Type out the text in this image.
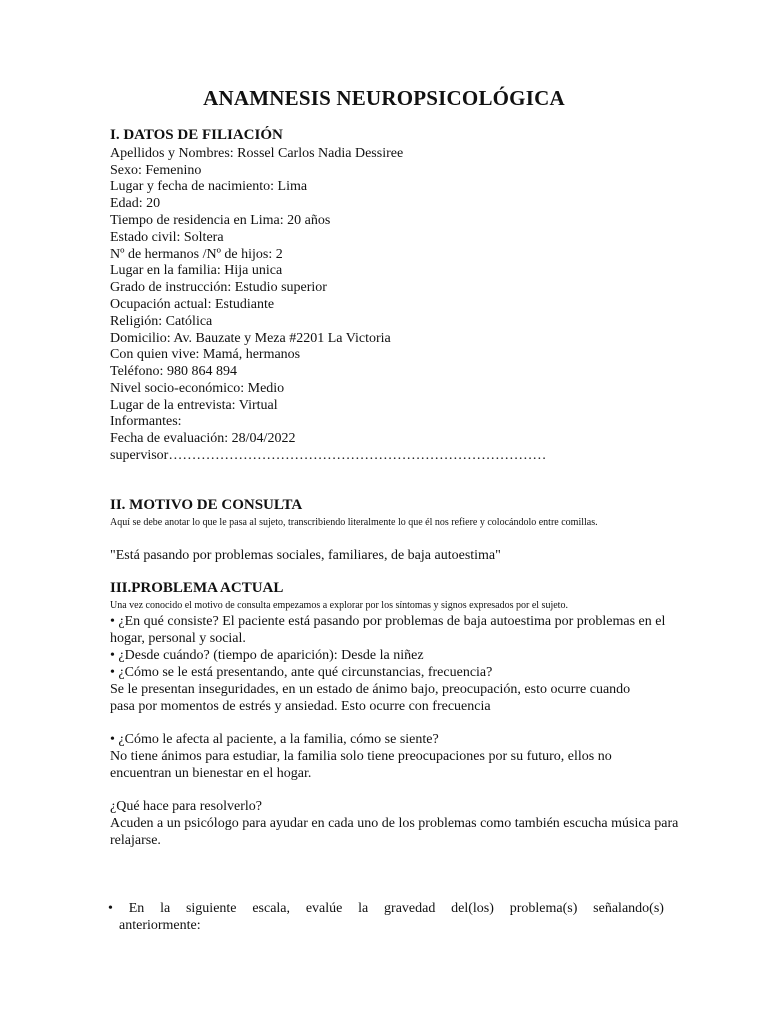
ANAMNESIS NEUROPSICOLÓGICA
I. DATOS DE FILIACIÓN
Apellidos y Nombres: Rossel Carlos Nadia Dessiree
Sexo: Femenino
Lugar y fecha de nacimiento: Lima
Edad: 20
Tiempo de residencia en Lima: 20 años
Estado civil: Soltera
Nº de hermanos /Nº de hijos: 2
Lugar en la familia: Hija unica
Grado de instrucción: Estudio superior
Ocupación actual: Estudiante
Religión: Católica
Domicilio: Av. Bauzate y Meza #2201 La Victoria
Con quien vive: Mamá, hermanos
Teléfono: 980 864 894
Nivel socio-económico: Medio
Lugar de la entrevista: Virtual
Informantes:
Fecha de evaluación: 28/04/2022
supervisor………………………………………………………………………
II. MOTIVO DE CONSULTA
Aquí se debe anotar lo que le pasa al sujeto, transcribiendo literalmente lo que él nos refiere y colocándolo entre comillas.
"Está pasando por problemas sociales, familiares, de baja autoestima"
III.PROBLEMA ACTUAL
Una vez conocido el motivo de consulta empezamos a explorar por los síntomas y signos expresados por el sujeto.
• ¿En qué consiste? El paciente está pasando por problemas de baja autoestima por problemas en el hogar, personal y social.
• ¿Desde cuándo? (tiempo de aparición): Desde la niñez
• ¿Cómo se le está presentando, ante qué circunstancias, frecuencia?
Se le presentan inseguridades, en un estado de ánimo bajo, preocupación, esto ocurre cuando pasa por momentos de estrés y ansiedad. Esto ocurre con frecuencia
• ¿Cómo le afecta al paciente, a la familia, cómo se siente?
No tiene ánimos para estudiar, la familia solo tiene preocupaciones por su futuro, ellos no encuentran un bienestar en el hogar.
¿Qué hace para resolverlo?
Acuden a un psicólogo para ayudar en cada uno de los problemas como también escucha música para relajarse.
• En la siguiente escala, evalúe la gravedad del(los) problema(s) señalando(s)
anteriormente:
